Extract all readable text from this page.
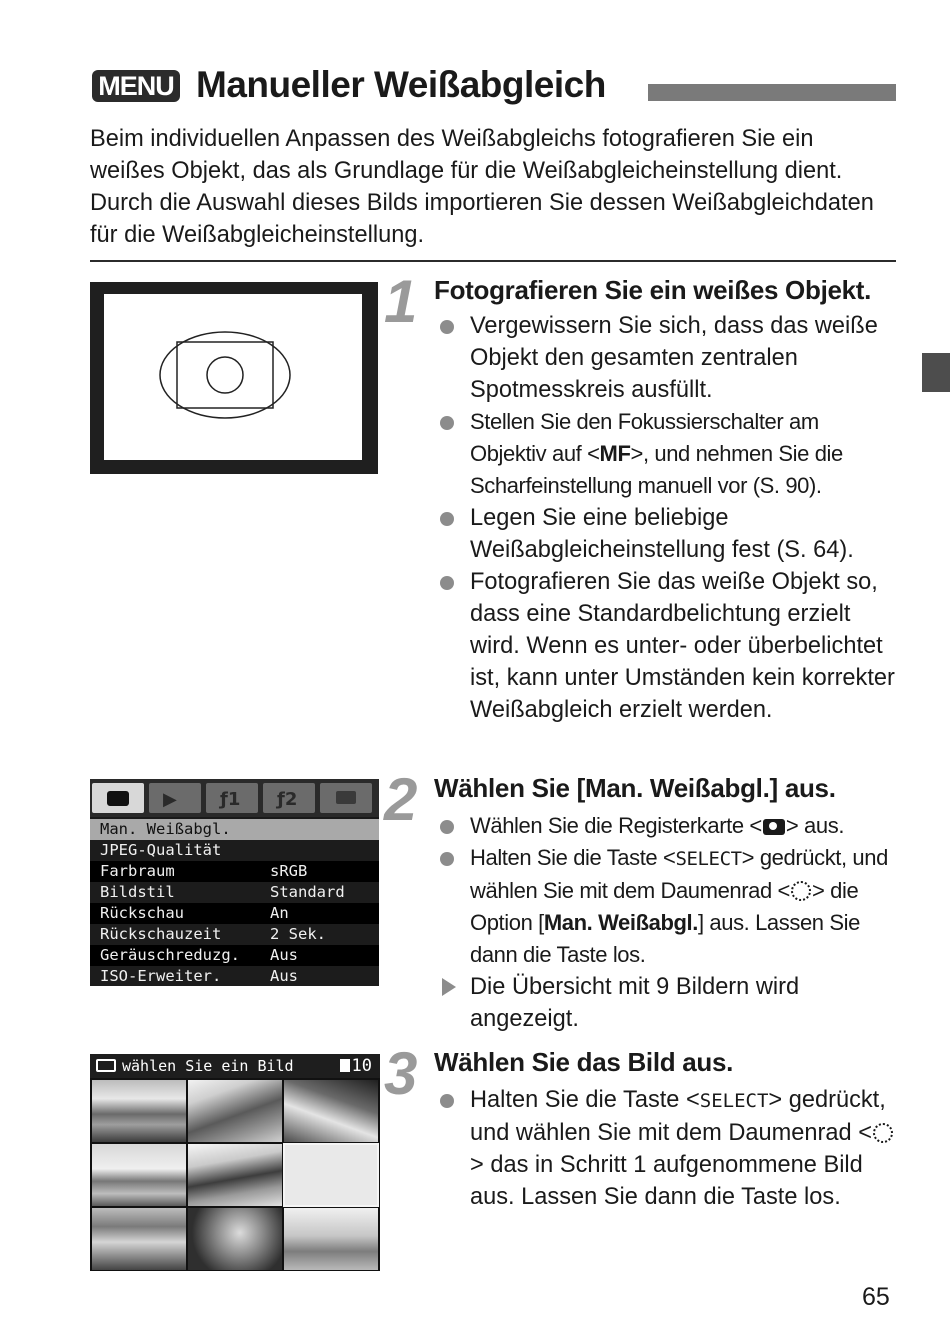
MENU Manueller Weißabgleich

Beim individuellen Anpassen des Weißabgleichs fotografieren Sie ein weißes Objekt, das als Grundlage für die Weißabgleicheinstellung dient. Durch die Auswahl dieses Bilds importieren Sie dessen Weißabgleichdaten für die Weißabgleicheinstellung.

1 Fotografieren Sie ein weißes Objekt.
Vergewissern Sie sich, dass das weiße Objekt den gesamten zentralen Spotmesskreis ausfüllt.
Stellen Sie den Fokussierschalter am Objektiv auf <MF>, und nehmen Sie die Scharfeinstellung manuell vor (S. 90).
Legen Sie eine beliebige Weißabgleicheinstellung fest (S. 64).
Fotografieren Sie das weiße Objekt so, dass eine Standardbelichtung erzielt wird. Wenn es unter- oder überbelichtet ist, kann unter Umständen kein korrekter Weißabgleich erzielt werden.
▶ ƒ1 ƒ2
Man. Weißabgl.
JPEG-Qualität
Farbraum	sRGB
Bildstil	Standard
Rückschau	An
Rückschauzeit	2 Sek.
Geräuschreduzg. Aus
ISO-Erweiter.	Aus
2 Wählen Sie [Man. Weißabgl.] aus.
Wählen Sie die Registerkarte < > aus.
Halten Sie die Taste <SELECT> gedrückt, und wählen Sie mit dem Daumenrad < > die Option [Man. Weißabgl.] aus. Lassen Sie dann die Taste los.
Die Übersicht mit 9 Bildern wird angezeigt.
wählen Sie ein Bild	10 3 Wählen Sie das Bild aus.
Halten Sie die Taste <SELECT> gedrückt, und wählen Sie mit dem Daumenrad <> das in Schritt 1 aufgenommene Bild aus. Lassen Sie dann die Taste los.
65
